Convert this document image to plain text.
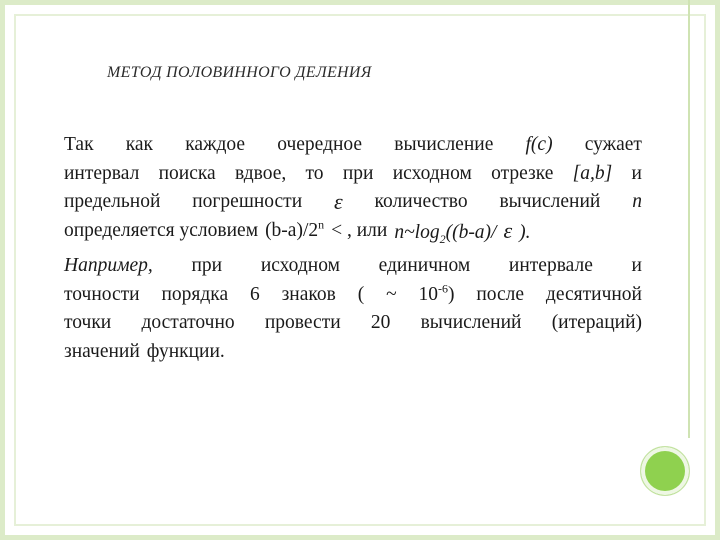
МЕТОД ПОЛОВИННОГО ДЕЛЕНИЯ
Так как каждое очередное вычисление f(c) сужает
интервал поиска вдвое, то при исходном отрезке [a,b] и
предельной погрешности ε количество вычислений n
определяется условием $(b-a)/2^n$ < , или $n\sim\log_2((b-a)/$ ε ).
Например, при исходном единичном интервале и
точности порядка 6 знаков ( ~ $10^{-6}$) после десятичной
точки достаточно провести 20 вычислений (итераций)
значений функции.
